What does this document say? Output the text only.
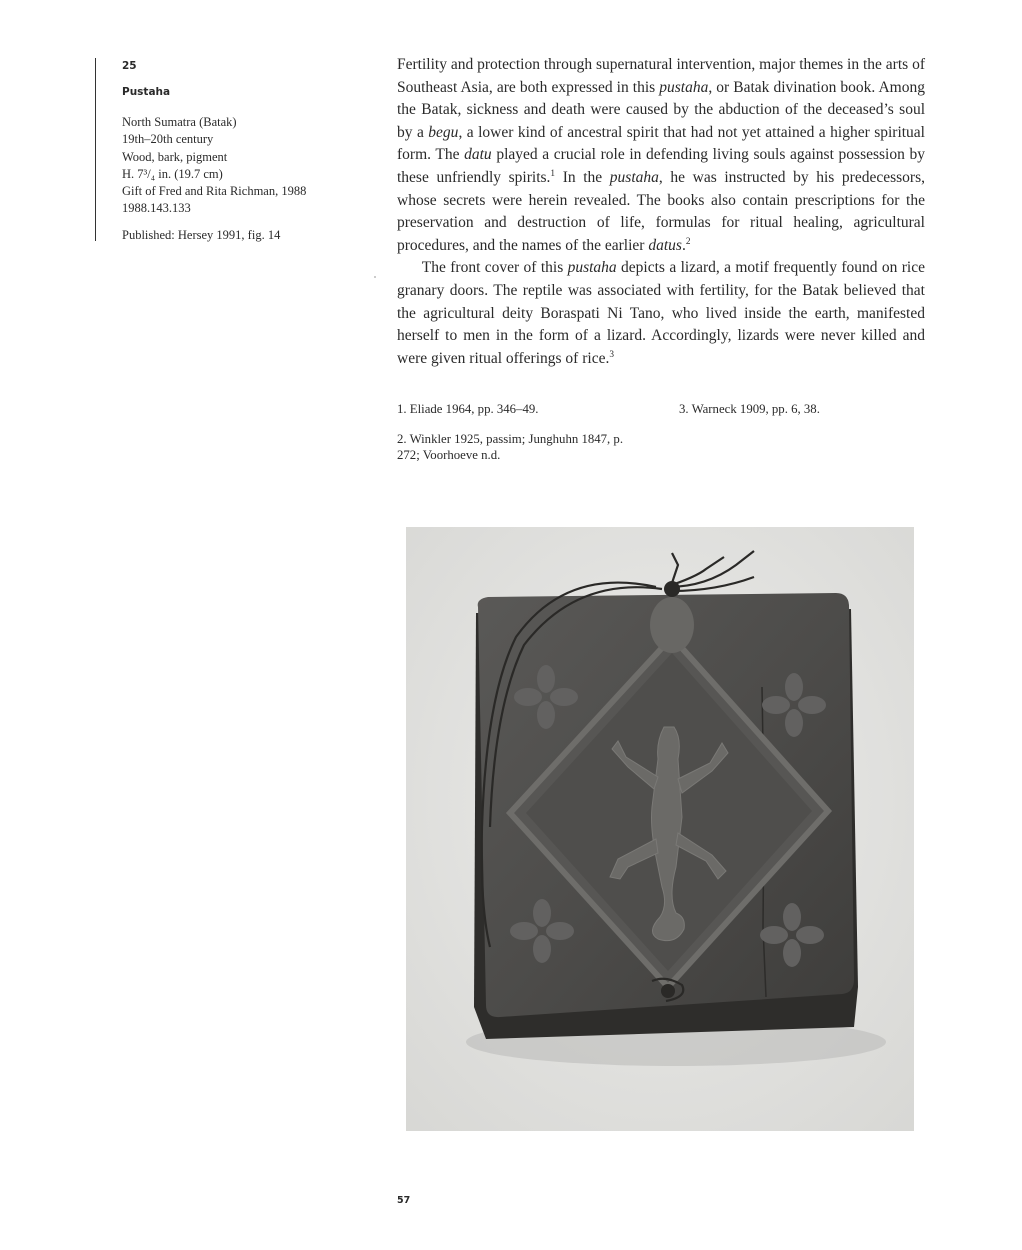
25
Pustaha
North Sumatra (Batak)
19th–20th century
Wood, bark, pigment
H. 7³/₄ in. (19.7 cm)
Gift of Fred and Rita Richman, 1988
1988.143.133
Published: Hersey 1991, fig. 14

Fertility and protection through supernatural intervention, major themes in the arts of Southeast Asia, are both expressed in this pustaha, or Batak divination book. Among the Batak, sickness and death were caused by the abduction of the deceased’s soul by a begu, a lower kind of ancestral spirit that had not yet attained a higher spiritual form. The datu played a crucial role in defending living souls against possession by these unfriendly spirits.$^1$ In the pustaha, he was instructed by his predecessors, whose secrets were herein revealed. The books also contain prescriptions for the preservation and destruction of life, formulas for ritual healing, agricultural procedures, and the names of the earlier datus.$^2$

The front cover of this pustaha depicts a lizard, a motif frequently found on rice granary doors. The reptile was associated with fertility, for the Batak believed that the agricultural deity Boraspati Ni Tano, who lived inside the earth, manifested herself to men in the form of a lizard. Accordingly, lizards were never killed and were given ritual offerings of rice.$^3$

1. Eliade 1964, pp. 346–49.
2. Winkler 1925, passim; Junghuhn 1847, p. 272; Voorhoeve n.d.
3. Warneck 1909, pp. 6, 38.
57
